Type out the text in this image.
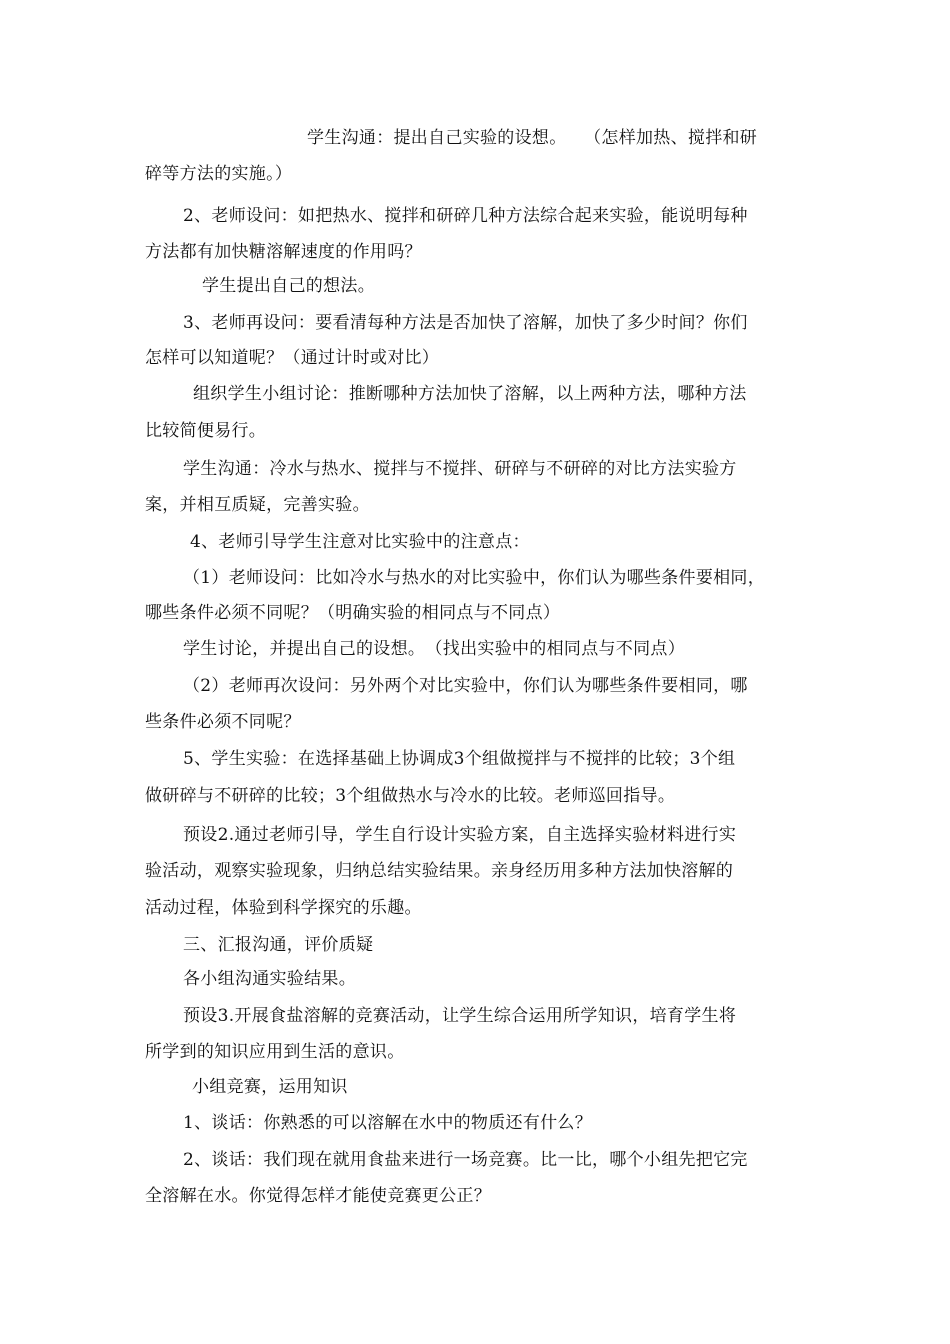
学生沟通：提出自己实验的设想。　　（怎样加热、搅拌和研
碎等方法的实施。）
2、老师设问：如把热水、搅拌和研碎几种方法综合起来实验，能说明每种
方法都有加快糖溶解速度的作用吗？
学生提出自己的想法。
3、老师再设问：要看清每种方法是否加快了溶解，加快了多少时间？你们
怎样可以知道呢？（通过计时或对比）
组织学生小组讨论：推断哪种方法加快了溶解，以上两种方法，哪种方法
比较简便易行。
学生沟通：冷水与热水、搅拌与不搅拌、研碎与不研碎的对比方法实验方
案，并相互质疑，完善实验。
4、老师引导学生注意对比实验中的注意点：
（1）老师设问：比如冷水与热水的对比实验中，你们认为哪些条件要相同，
哪些条件必须不同呢？（明确实验的相同点与不同点）
学生讨论，并提出自己的设想。　（找出实验中的相同点与不同点）
（2）老师再次设问：另外两个对比实验中，你们认为哪些条件要相同，哪
些条件必须不同呢？
5、学生实验：在选择基础上协调成3个组做搅拌与不搅拌的比较；3个组
做研碎与不研碎的比较；3个组做热水与冷水的比较。老师巡回指导。
预设2.通过老师引导，学生自行设计实验方案，自主选择实验材料进行实
验活动，观察实验现象，归纳总结实验结果。亲身经历用多种方法加快溶解的
活动过程，体验到科学探究的乐趣。
三、汇报沟通，评价质疑
各小组沟通实验结果。
预设3.开展食盐溶解的竞赛活动，让学生综合运用所学知识，培育学生将
所学到的知识应用到生活的意识。
小组竞赛，运用知识
1、谈话：你熟悉的可以溶解在水中的物质还有什么？
2、谈话：我们现在就用食盐来进行一场竞赛。比一比，哪个小组先把它完
全溶解在水。你觉得怎样才能使竞赛更公正？
